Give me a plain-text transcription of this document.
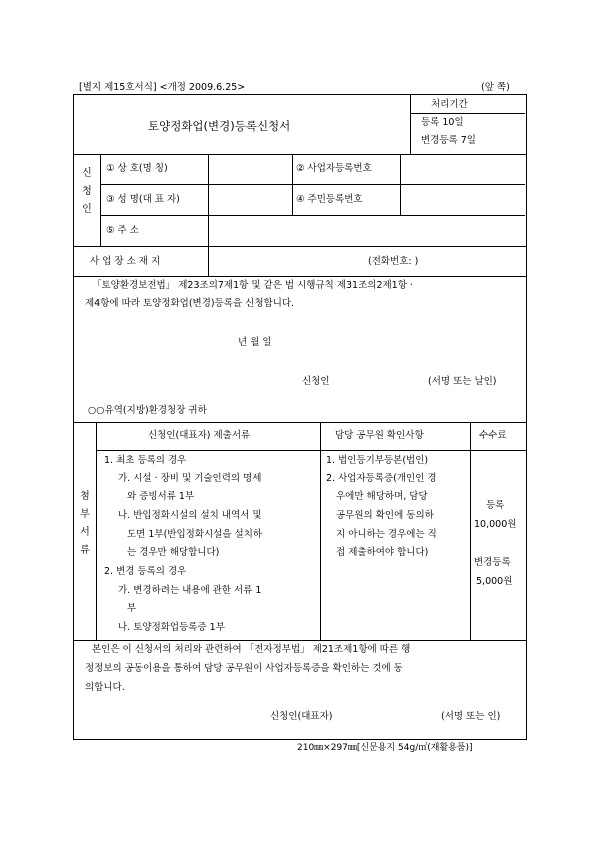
[별지 제15호서식] <개정 2009.6.25>	(앞 쪽)
토양정화업(변경)등록신청서
처리기간
등록 10일
변경등록 7일
신청인
① 상 호(명 칭)	② 사업자등록번호
③ 성 명(대 표 자)	④ 주민등록번호
⑤ 주 소
사 업 장 소 재 지	(전화번호: )
「토양환경보전법」 제23조의7제1항 및 같은 법 시행규칙 제31조의2제1항 ·
제4항에 따라 토양정화업(변경)등록을 신청합니다.
년 월 일
신청인	(서명 또는 날인)
○○유역(지방)환경청장 귀하
첨부서류
신청인(대표자) 제출서류	담당 공무원 확인사항	수수료
1. 최초 등록의 경우
가. 시설 · 장비 및 기술인력의 명세
와 증빙서류 1부
나. 반입정화시설의 설치 내역서 및
도면 1부(반입정화시설을 설치하
는 경우만 해당합니다)
2. 변경 등록의 경우
가. 변경하려는 내용에 관한 서류 1
부
나. 토양정화업등록증 1부
1. 법인등기부등본(법인)
2. 사업자등록증(개인인 경
우에만 해당하며, 담당
공무원의 확인에 동의하
지 아니하는 경우에는 직
접 제출하여야 합니다)
등록
10,000원
변경등록
5,000원
본인은 이 신청서의 처리와 관련하여 「전자정부법」 제21조제1항에 따른 행
정정보의 공동이용을 통하여 담당 공무원이 사업자등록증을 확인하는 것에 동
의합니다.
신청인(대표자)	(서명 또는 인)
210㎜×297㎜[신문용지 54g/㎡(재활용품)]
